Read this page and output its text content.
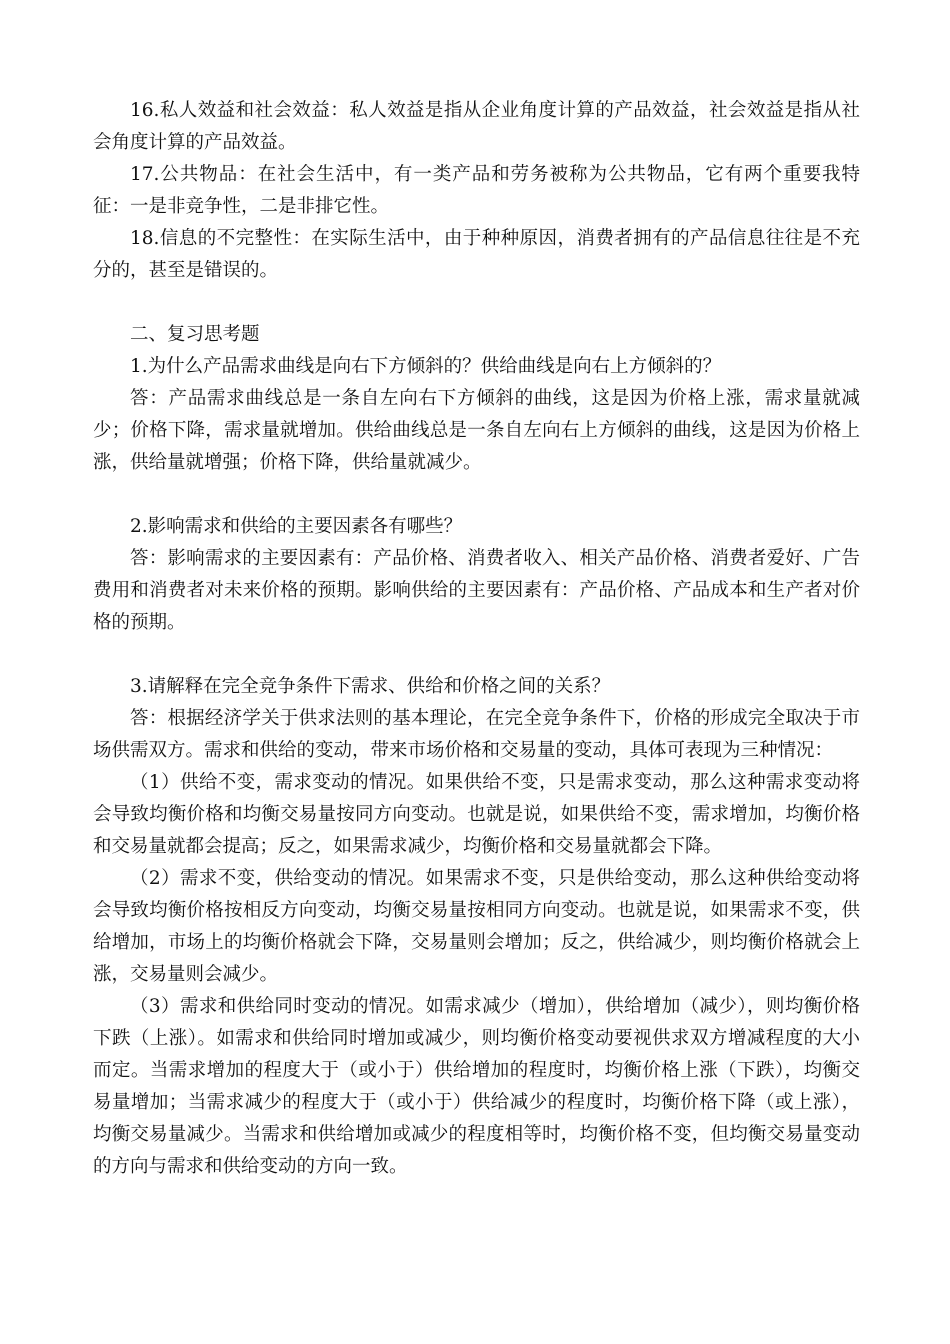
16.私人效益和社会效益：私人效益是指从企业角度计算的产品效益，社会效益是指从社会角度计算的产品效益。

17.公共物品：在社会生活中，有一类产品和劳务被称为公共物品，它有两个重要我特征：一是非竞争性，二是非排它性。

18.信息的不完整性：在实际生活中，由于种种原因，消费者拥有的产品信息往往是不充分的，甚至是错误的。

二、复习思考题

1.为什么产品需求曲线是向右下方倾斜的？供给曲线是向右上方倾斜的？

答：产品需求曲线总是一条自左向右下方倾斜的曲线，这是因为价格上涨，需求量就减少；价格下降，需求量就增加。供给曲线总是一条自左向右上方倾斜的曲线，这是因为价格上涨，供给量就增强；价格下降，供给量就减少。

2.影响需求和供给的主要因素各有哪些？

答：影响需求的主要因素有：产品价格、消费者收入、相关产品价格、消费者爱好、广告费用和消费者对未来价格的预期。影响供给的主要因素有：产品价格、产品成本和生产者对价格的预期。

3.请解释在完全竞争条件下需求、供给和价格之间的关系？

答：根据经济学关于供求法则的基本理论，在完全竞争条件下，价格的形成完全取决于市场供需双方。需求和供给的变动，带来市场价格和交易量的变动，具体可表现为三种情况：

（1）供给不变，需求变动的情况。如果供给不变，只是需求变动，那么这种需求变动将会导致均衡价格和均衡交易量按同方向变动。也就是说，如果供给不变，需求增加，均衡价格和交易量就都会提高；反之，如果需求减少，均衡价格和交易量就都会下降。

（2）需求不变，供给变动的情况。如果需求不变，只是供给变动，那么这种供给变动将会导致均衡价格按相反方向变动，均衡交易量按相同方向变动。也就是说，如果需求不变，供给增加，市场上的均衡价格就会下降，交易量则会增加；反之，供给减少，则均衡价格就会上涨，交易量则会减少。

（3）需求和供给同时变动的情况。如需求减少（增加），供给增加（减少），则均衡价格下跌（上涨）。如需求和供给同时增加或减少，则均衡价格变动要视供求双方增减程度的大小而定。当需求增加的程度大于（或小于）供给增加的程度时，均衡价格上涨（下跌），均衡交易量增加；当需求减少的程度大于（或小于）供给减少的程度时，均衡价格下降（或上涨），均衡交易量减少。当需求和供给增加或减少的程度相等时，均衡价格不变，但均衡交易量变动的方向与需求和供给变动的方向一致。
